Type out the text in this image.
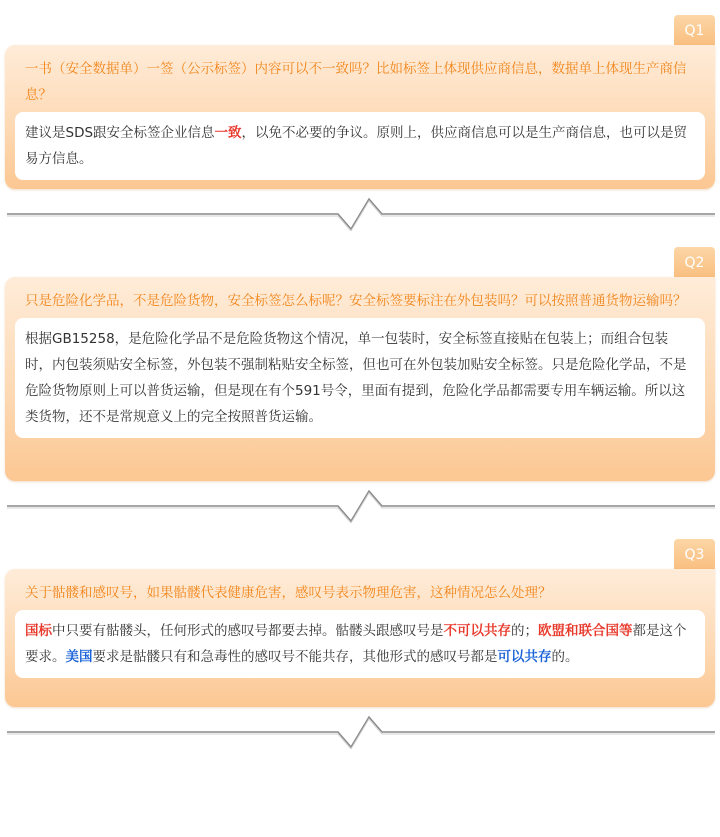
Q1

一书（安全数据单）一签（公示标签）内容可以不一致吗？比如标签上体现供应商信息，数据单上体现生产商信息？

建议是SDS跟安全标签企业信息一致，以免不必要的争议。原则上，供应商信息可以是生产商信息，也可以是贸易方信息。
Q2

只是危险化学品，不是危险货物，安全标签怎么标呢？安全标签要标注在外包装吗？可以按照普通货物运输吗？

根据GB15258，是危险化学品不是危险货物这个情况，单一包装时，安全标签直接贴在包装上；而组合包装时，内包装须贴安全标签，外包装不强制粘贴安全标签，但也可在外包装加贴安全标签。只是危险化学品，不是危险货物原则上可以普货运输，但是现在有个591号令，里面有提到，危险化学品都需要专用车辆运输。所以这类货物，还不是常规意义上的完全按照普货运输。
Q3

关于骷髅和感叹号，如果骷髅代表健康危害，感叹号表示物理危害，这种情况怎么处理？

国标中只要有骷髅头，任何形式的感叹号都要去掉。骷髅头跟感叹号是不可以共存的；欧盟和联合国等都是这个要求。美国要求是骷髅只有和急毒性的感叹号不能共存，其他形式的感叹号都是可以共存的。
